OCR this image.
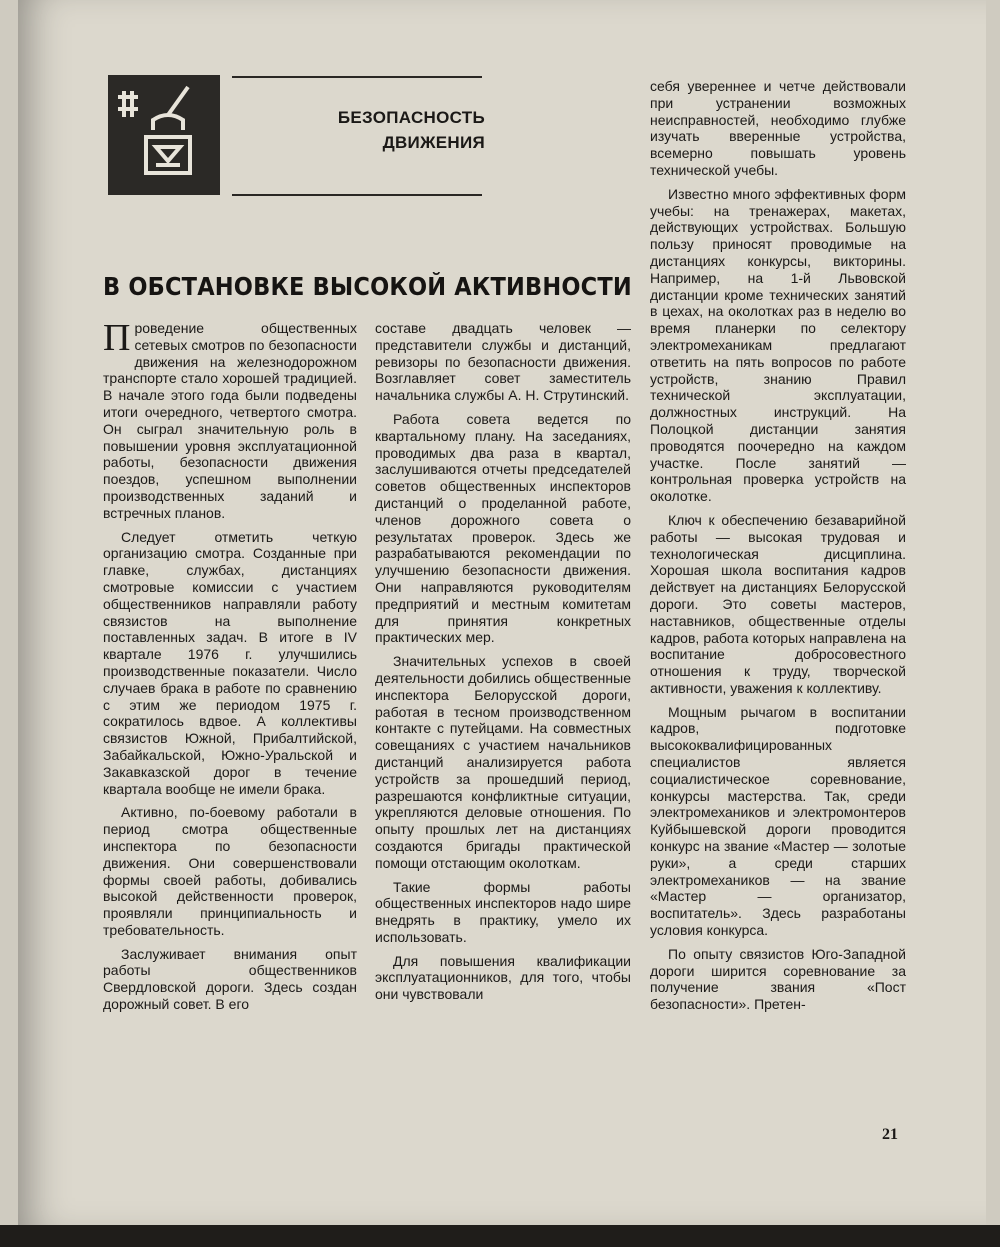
БЕЗОПАСНОСТЬ
ДВИЖЕНИЯ
В ОБСТАНОВКЕ ВЫСОКОЙ АКТИВНОСТИ

Проведение общественных сетевых смотров по безопасности движения на железнодорожном транспорте стало хорошей традицией. В начале этого года были подведены итоги очередного, четвертого смотра. Он сыграл значительную роль в повышении уровня эксплуатационной работы, безопасности движения поездов, успешном выполнении производственных заданий и встречных планов.

Следует отметить четкую организацию смотра. Созданные при главке, службах, дистанциях смотровые комиссии с участием общественников направляли работу связистов на выполнение поставленных задач. В итоге в IV квартале 1976 г. улучшились производственные показатели. Число случаев брака в работе по сравнению с этим же периодом 1975 г. сократилось вдвое. А коллективы связистов Южной, Прибалтийской, Забайкальской, Южно-Уральской и Закавказской дорог в течение квартала вообще не имели брака.

Активно, по-боевому работали в период смотра общественные инспектора по безопасности движения. Они совершенствовали формы своей работы, добивались высокой действенности проверок, проявляли принципиальность и требовательность.

Заслуживает внимания опыт работы общественников Свердловской дороги. Здесь создан дорожный совет. В его

составе двадцать человек — представители службы и дистанций, ревизоры по безопасности движения. Возглавляет совет заместитель начальника службы А. Н. Струтинский.

Работа совета ведется по квартальному плану. На заседаниях, проводимых два раза в квартал, заслушиваются отчеты председателей советов общественных инспекторов дистанций о проделанной работе, членов дорожного совета о результатах проверок. Здесь же разрабатываются рекомендации по улучшению безопасности движения. Они направляются руководителям предприятий и местным комитетам для принятия конкретных практических мер.

Значительных успехов в своей деятельности добились общественные инспектора Белорусской дороги, работая в тесном производственном контакте с путейцами. На совместных совещаниях с участием начальников дистанций анализируется работа устройств за прошедший период, разрешаются конфликтные ситуации, укрепляются деловые отношения. По опыту прошлых лет на дистанциях создаются бригады практической помощи отстающим околоткам.

Такие формы работы общественных инспекторов надо шире внедрять в практику, умело их использовать.

Для повышения квалификации эксплуатационников, для того, чтобы они чувствовали

себя увереннее и четче действовали при устранении возможных неисправностей, необходимо глубже изучать вверенные устройства, всемерно повышать уровень технической учебы.

Известно много эффективных форм учебы: на тренажерах, макетах, действующих устройствах. Большую пользу приносят проводимые на дистанциях конкурсы, викторины. Например, на 1-й Львовской дистанции кроме технических занятий в цехах, на околотках раз в неделю во время планерки по селектору электромеханикам предлагают ответить на пять вопросов по работе устройств, знанию Правил технической эксплуатации, должностных инструкций. На Полоцкой дистанции занятия проводятся поочередно на каждом участке. После занятий — контрольная проверка устройств на околотке.

Ключ к обеспечению безаварийной работы — высокая трудовая и технологическая дисциплина. Хорошая школа воспитания кадров действует на дистанциях Белорусской дороги. Это советы мастеров, наставников, общественные отделы кадров, работа которых направлена на воспитание добросовестного отношения к труду, творческой активности, уважения к коллективу.

Мощным рычагом в воспитании кадров, подготовке высококвалифицированных специалистов является социалистическое соревнование, конкурсы мастерства. Так, среди электромехаников и электромонтеров Куйбышевской дороги проводится конкурс на звание «Мастер — золотые руки», а среди старших электромехаников — на звание «Мастер — организатор, воспитатель». Здесь разработаны условия конкурса.

По опыту связистов Юго-Западной дороги ширится соревнование за получение звания «Пост безопасности». Претен-

21
